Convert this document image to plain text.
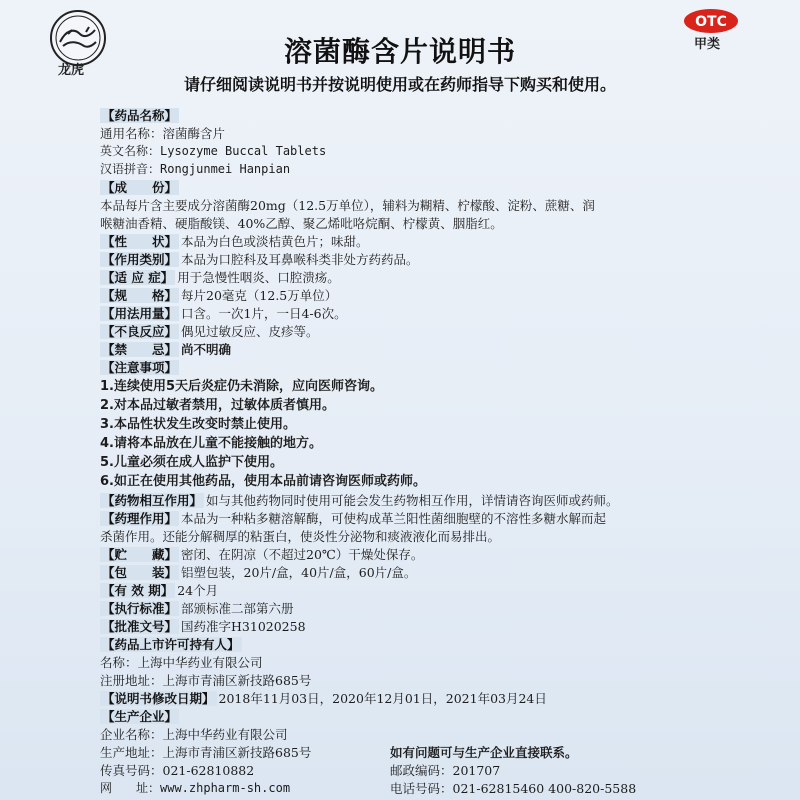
龙虎
OTC
甲类
溶菌酶含片说明书
请仔细阅读说明书并按说明使用或在药师指导下购买和使用。
【药品名称】
通用名称：溶菌酶含片
英文名称：Lysozyme Buccal Tablets
汉语拼音：Rongjunmei Hanpian
【成　　份】
本品每片含主要成分溶菌酶20mg（12.5万单位），辅料为糊精、柠檬酸、淀粉、蔗糖、润
喉糖油香精、硬脂酸镁、40%乙醇、聚乙烯吡咯烷酮、柠檬黄、胭脂红。
【性　　状】 本品为白色或淡桔黄色片；味甜。
【作用类别】 本品为口腔科及耳鼻喉科类非处方药药品。
【适 应 症】 用于急慢性咽炎、口腔溃疡。
【规　　格】 每片20毫克（12.5万单位）
【用法用量】 口含。一次1片，一日4-6次。
【不良反应】 偶见过敏反应、皮疹等。
【禁　　忌】 尚不明确
【注意事项】
1.连续使用5天后炎症仍未消除，应向医师咨询。
2.对本品过敏者禁用，过敏体质者慎用。
3.本品性状发生改变时禁止使用。
4.请将本品放在儿童不能接触的地方。
5.儿童必须在成人监护下使用。
6.如正在使用其他药品，使用本品前请咨询医师或药师。
【药物相互作用】 如与其他药物同时使用可能会发生药物相互作用，详情请咨询医师或药师。
【药理作用】 本品为一种粘多糖溶解酶，可使构成革兰阳性菌细胞壁的不溶性多糖水解而起
杀菌作用。还能分解稠厚的粘蛋白，使炎性分泌物和痰液液化而易排出。
【贮　　藏】 密闭、在阴凉（不超过20℃）干燥处保存。
【包　　装】 铝塑包装，20片/盒，40片/盒，60片/盒。
【有 效 期】 24个月
【执行标准】 部颁标准二部第六册
【批准文号】 国药准字H31020258
【药品上市许可持有人】
名称：上海中华药业有限公司
注册地址：上海市青浦区新技路685号
【说明书修改日期】 2018年11月03日，2020年12月01日，2021年03月24日
【生产企业】
企业名称：上海中华药业有限公司
生产地址：上海市青浦区新技路685号
邮政编码：201707
电话号码：021-62815460 400-820-5588
传真号码：021-62810882
网　　址：www.zhpharm-sh.com
如有问题可与生产企业直接联系。
